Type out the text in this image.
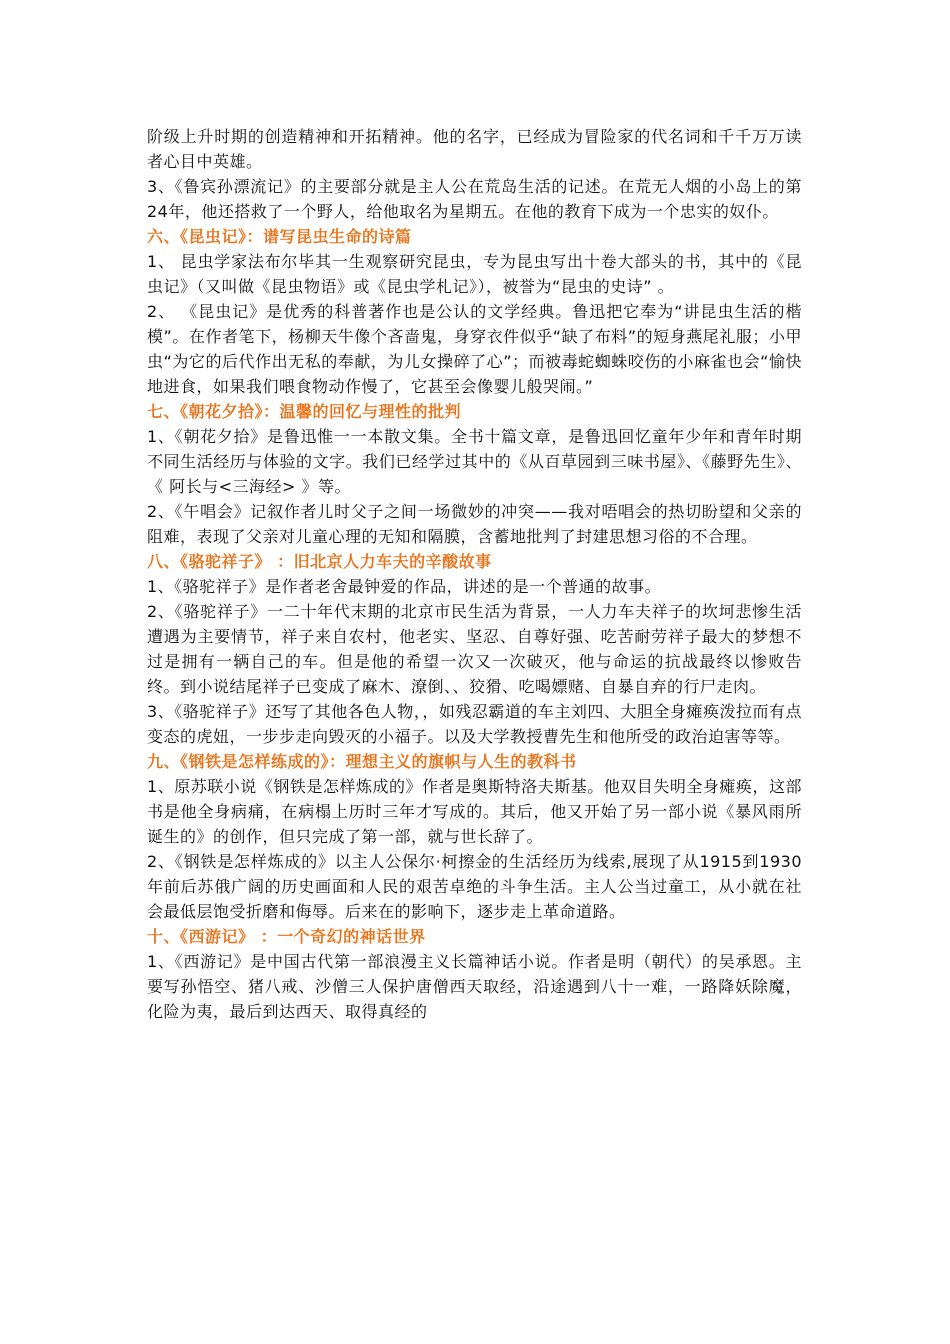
阶级上升时期的创造精神和开拓精神。他的名字，已经成为冒险家的代名词和千千万万读者心目中英雄。

3、《鲁宾孙漂流记》的主要部分就是主人公在荒岛生活的记述。在荒无人烟的小岛上的第24年，他还搭救了一个野人，给他取名为星期五。在他的教育下成为一个忠实的奴仆。

六、《昆虫记》：谱写昆虫生命的诗篇

1、 昆虫学家法布尔毕其一生观察研究昆虫，专为昆虫写出十卷大部头的书，其中的《昆虫记》（又叫做《昆虫物语》或《昆虫学札记》），被誉为“昆虫的史诗” 。

2、 《昆虫记》是优秀的科普著作也是公认的文学经典。鲁迅把它奉为“讲昆虫生活的楷模”。在作者笔下，杨柳天牛像个吝啬鬼，身穿衣件似乎“缺了布料”的短身燕尾礼服；小甲虫“为它的后代作出无私的奉献，为儿女操碎了心”；而被毒蛇蜘蛛咬伤的小麻雀也会“愉快地进食，如果我们喂食物动作慢了，它甚至会像婴儿般哭闹。”

七、《朝花夕拾》：温馨的回忆与理性的批判

1、《朝花夕拾》是鲁迅惟一一本散文集。全书十篇文章，是鲁迅回忆童年少年和青年时期不同生活经历与体验的文字。我们已经学过其中的《从百草园到三味书屋》、《藤野先生》、《 阿长与<三海经> 》等。

2、《午唱会》记叙作者儿时父子之间一场微妙的冲突——我对唔唱会的热切盼望和父亲的阻难，表现了父亲对儿童心理的无知和隔膜，含蓄地批判了封建思想习俗的不合理。

八、《骆驼祥子》 ：旧北京人力车夫的辛酸故事

1、《骆驼祥子》是作者老舍最钟爱的作品，讲述的是一个普通的故事。

2、《骆驼祥子》一二十年代末期的北京市民生活为背景，一人力车夫祥子的坎坷悲惨生活遭遇为主要情节，祥子来自农村，他老实、坚忍、自尊好强、吃苦耐劳祥子最大的梦想不过是拥有一辆自己的车。但是他的希望一次又一次破灭，他与命运的抗战最终以惨败告终。到小说结尾祥子已变成了麻木、潦倒、、狡猾、吃喝嫖赌、自暴自弃的行尸走肉。

3、《骆驼祥子》还写了其他各色人物，，如残忍霸道的车主刘四、大胆全身瘫痪泼拉而有点变态的虎妞，一步步走向毁灭的小福子。以及大学教授曹先生和他所受的政治迫害等等。

九、《钢铁是怎样练成的》：理想主义的旗帜与人生的教科书

1、原苏联小说《钢铁是怎样炼成的》作者是奥斯特洛夫斯基。他双目失明全身瘫痪，这部书是他全身病痛，在病榻上历时三年才写成的。其后，他又开始了另一部小说《暴风雨所诞生的》的创作，但只完成了第一部，就与世长辞了。

2、《钢铁是怎样炼成的》以主人公保尔·柯擦金的生活经历为线索,展现了从1915到1930年前后苏俄广阔的历史画面和人民的艰苦卓绝的斗争生活。主人公当过童工，从小就在社会最低层饱受折磨和侮辱。后来在的影响下，逐步走上革命道路。

十、《西游记》 ：一个奇幻的神话世界

1、《西游记》是中国古代第一部浪漫主义长篇神话小说。作者是明（朝代）的吴承恩。主要写孙悟空、猪八戒、沙僧三人保护唐僧西天取经，沿途遇到八十一难，一路降妖除魔，化险为夷，最后到达西天、取得真经的
